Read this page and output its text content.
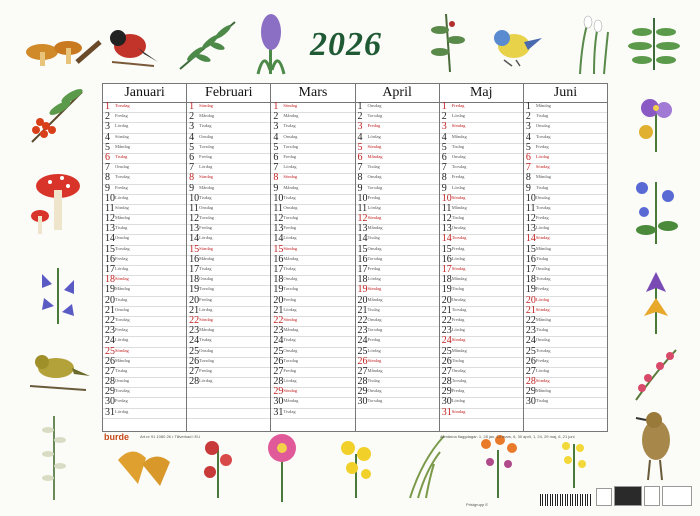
2026
Januari
1 Torsdag
2 Fredag
3 Lördag
4 Söndag
5 Måndag
6 Tisdag
7 Onsdag
8 Torsdag
9 Fredag
10 Lördag
11 Söndag
12 Måndag
13 Tisdag
14 Onsdag
15 Torsdag
16 Fredag
17 Lördag
18 Söndag
19 Måndag
20 Tisdag
21 Onsdag
22 Torsdag
23 Fredag
24 Lördag
25 Söndag
26 Måndag
27 Tisdag
28 Onsdag
29 Torsdag
30 Fredag
31 Lördag
Februari
1 Söndag
2 Måndag
3 Tisdag
4 Onsdag
5 Torsdag
6 Fredag
7 Lördag
8 Söndag
9 Måndag
10 Tisdag
11 Onsdag
12 Torsdag
13 Fredag
14 Lördag
15 Söndag
16 Måndag
17 Tisdag
18 Onsdag
19 Torsdag
20 Fredag
21 Lördag
22 Söndag
23 Måndag
24 Tisdag
25 Onsdag
26 Torsdag
27 Fredag
28 Lördag
Mars
1 Söndag
2 Måndag
3 Tisdag
4 Onsdag
5 Torsdag
6 Fredag
7 Lördag
8 Söndag
9 Måndag
10 Tisdag
11 Onsdag
12 Torsdag
13 Fredag
14 Lördag
15 Söndag
16 Måndag
17 Tisdag
18 Onsdag
19 Torsdag
20 Fredag
21 Lördag
22 Söndag
23 Måndag
24 Tisdag
25 Onsdag
26 Torsdag
27 Fredag
28 Lördag
29 Söndag
30 Måndag
31 Tisdag
April
1 Onsdag
2 Torsdag
3 Fredag
4 Lördag
5 Söndag
6 Måndag
7 Tisdag
8 Onsdag
9 Torsdag
10 Fredag
11 Lördag
12 Söndag
13 Måndag
14 Tisdag
15 Onsdag
16 Torsdag
17 Fredag
18 Lördag
19 Söndag
20 Måndag
21 Tisdag
22 Onsdag
23 Torsdag
24 Fredag
25 Lördag
26 Söndag
27 Måndag
28 Tisdag
29 Onsdag
30 Torsdag
Maj
1 Fredag
2 Lördag
3 Söndag
4 Måndag
5 Tisdag
6 Onsdag
7 Torsdag
8 Fredag
9 Lördag
10 Söndag
11 Måndag
12 Tisdag
13 Onsdag
14 Torsdag
15 Fredag
16 Lördag
17 Söndag
18 Måndag
19 Tisdag
20 Onsdag
21 Torsdag
22 Fredag
23 Lördag
24 Söndag
25 Måndag
26 Tisdag
27 Onsdag
28 Torsdag
29 Fredag
30 Lördag
31 Söndag
Juni
1 Måndag
2 Tisdag
3 Onsdag
4 Torsdag
5 Fredag
6 Lördag
7 Söndag
8 Måndag
9 Tisdag
10 Onsdag
11 Torsdag
12 Fredag
13 Lördag
14 Söndag
15 Måndag
16 Tisdag
17 Onsdag
18 Torsdag
19 Fredag
20 Lördag
21 Söndag
22 Måndag
23 Tisdag
24 Onsdag
25 Torsdag
26 Fredag
27 Lördag
28 Söndag
29 Måndag
30 Tisdag
burde	Art.nr 91 1080 26 • Tillverkad i EU	Allmänna flaggdagar: 1, 28 jan, 12 mars, 6, 30 april, 1, 24, 29 maj, 6, 21 juni
Pristgrupp E
